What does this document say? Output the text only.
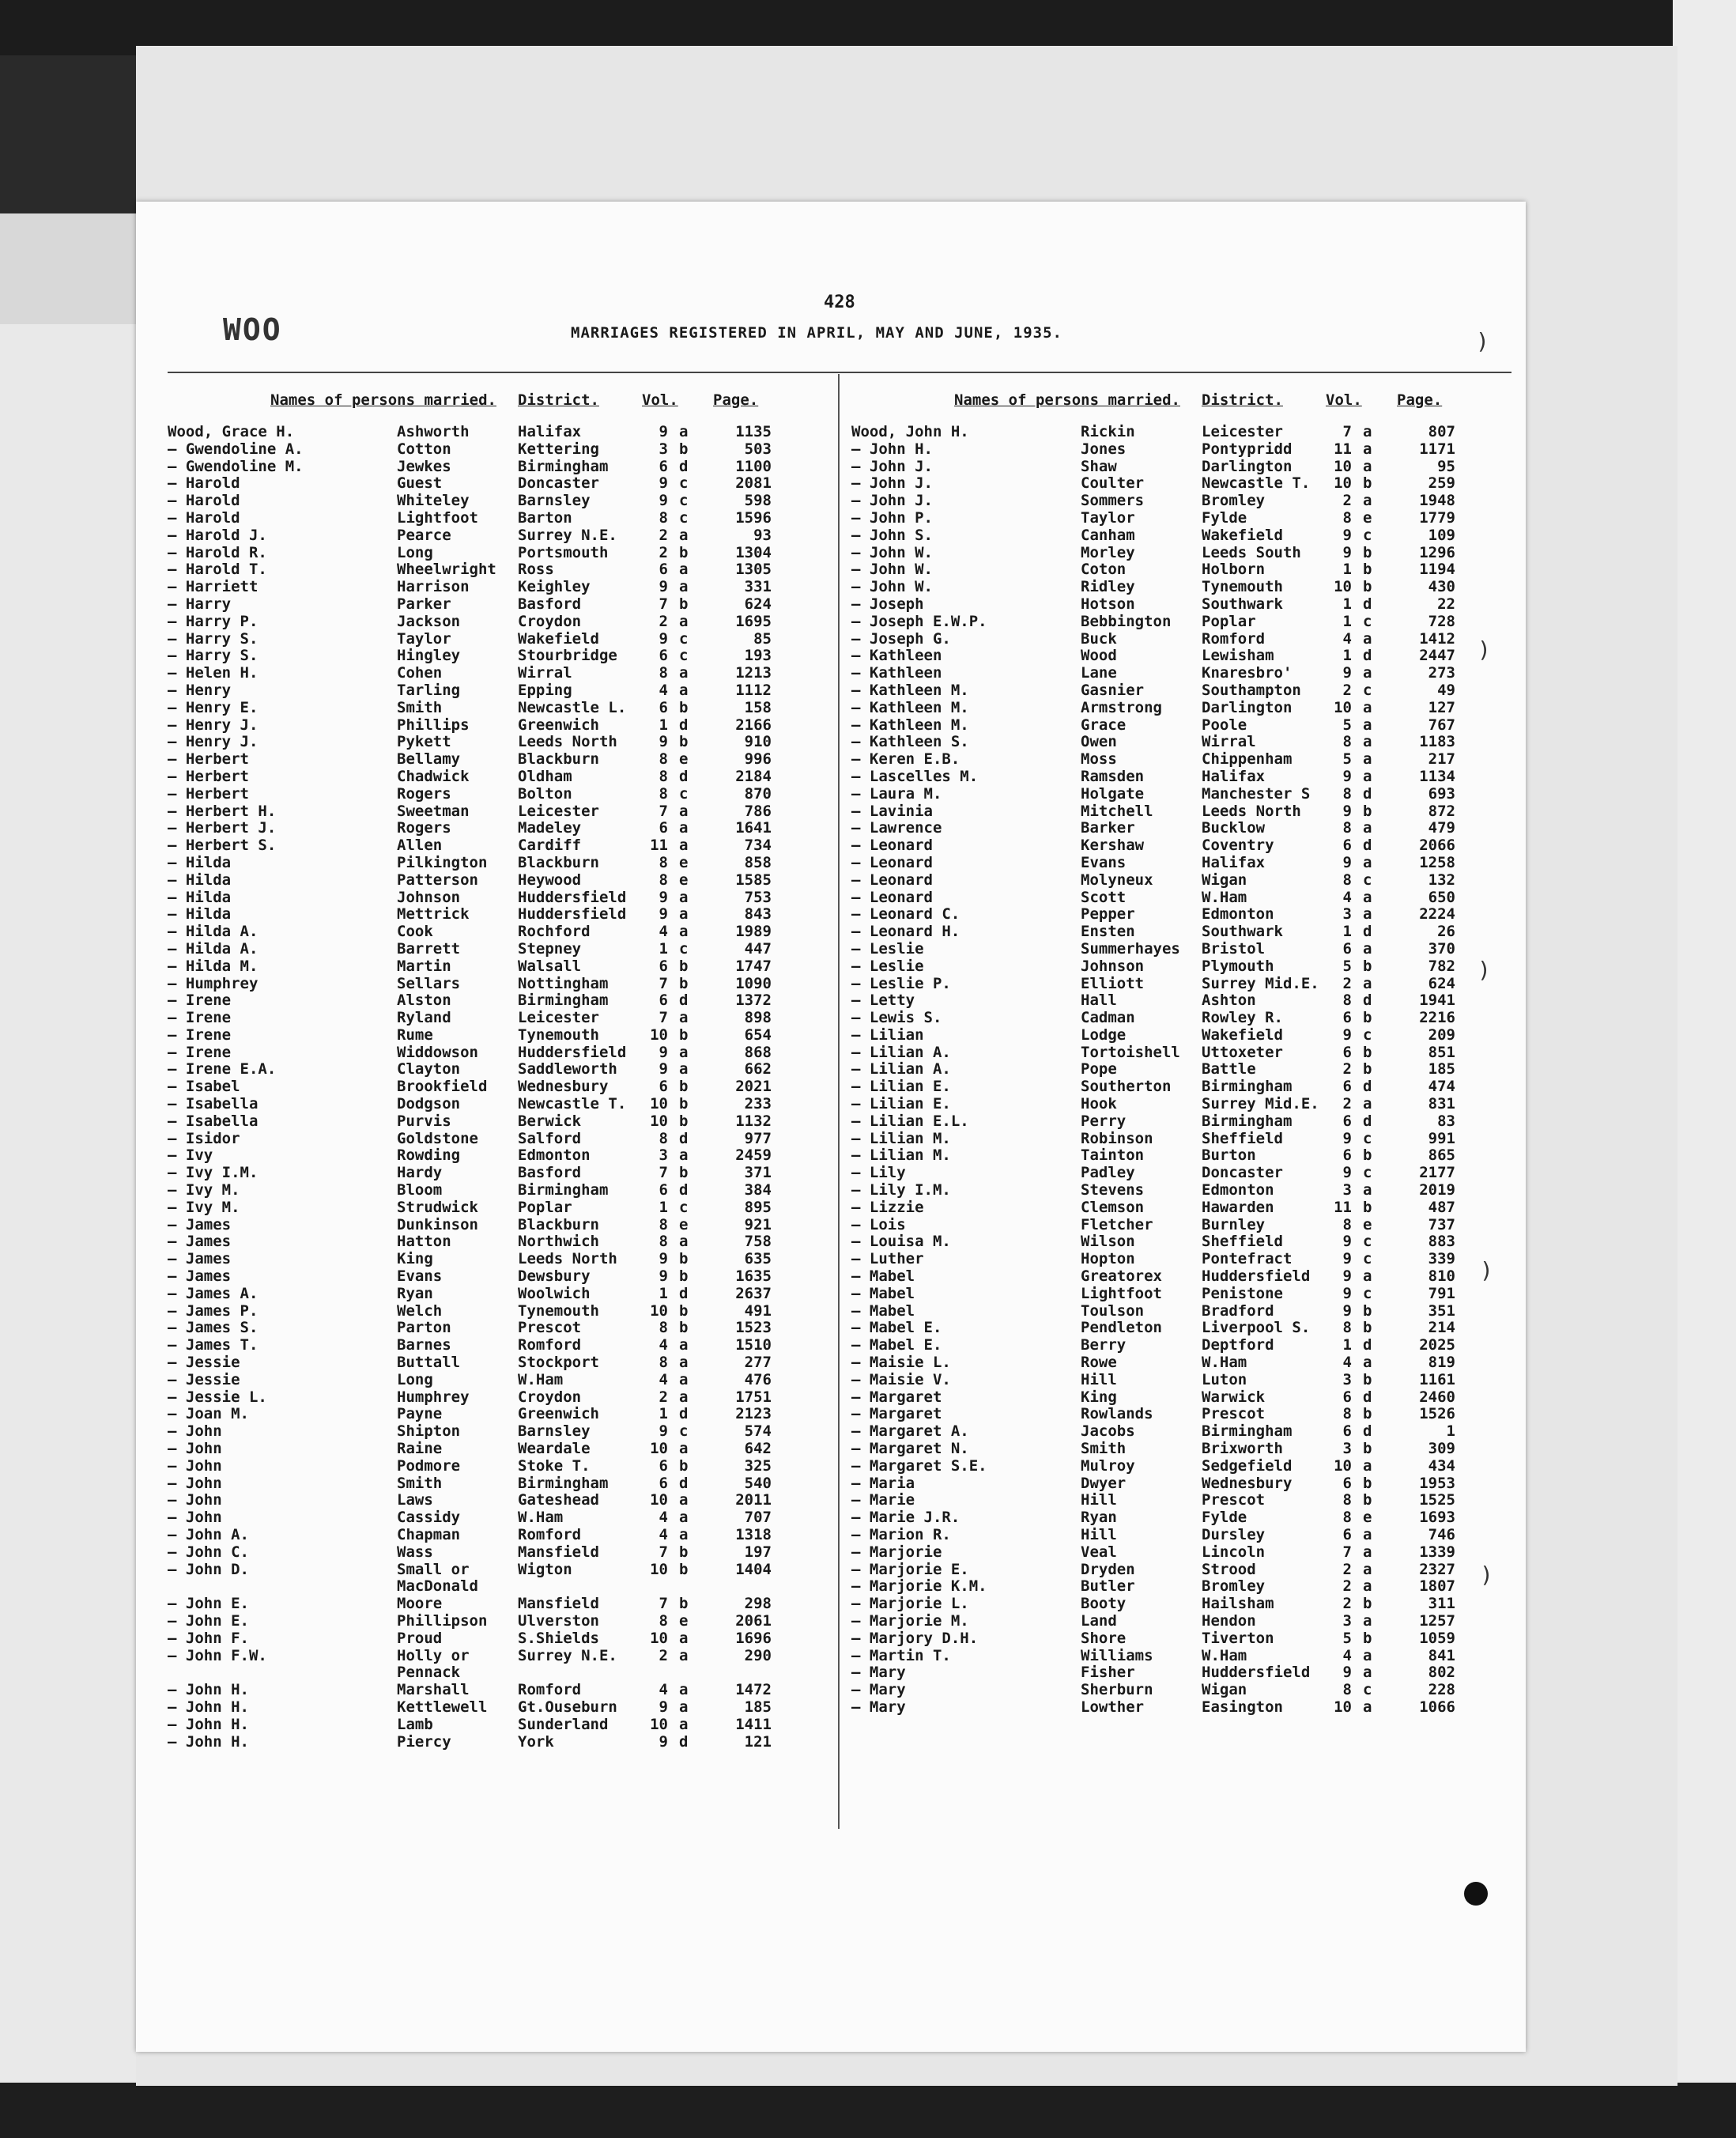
428
WOO	MARRIAGES REGISTERED IN APRIL, MAY AND JUNE, 1935.	)
)
)
)
)
Names of persons married. District.	Vol. Page.
Wood, Grace H.	Ashworth	Halifax	9 a	1135
— Gwendoline A.	Cotton	Kettering	3 b	503
— Gwendoline M.	Jewkes	Birmingham	6 d	1100
— Harold	Guest	Doncaster	9 c	2081
— Harold	Whiteley	Barnsley	9 c	598
— Harold	Lightfoot	Barton	8 c	1596
— Harold J.	Pearce	Surrey N.E.	2 a	93
— Harold R.	Long	Portsmouth	2 b	1304
— Harold T.	Wheelwright Ross	6 a	1305
— Harriett	Harrison	Keighley	9 a	331
— Harry	Parker	Basford	7 b	624
— Harry P.	Jackson	Croydon	2 a	1695
— Harry S.	Taylor	Wakefield	9 c	85
— Harry S.	Hingley	Stourbridge	6 c	193
— Helen H.	Cohen	Wirral	8 a	1213
— Henry	Tarling	Epping	4 a	1112
— Henry E.	Smith	Newcastle L.	6 b	158
— Henry J.	Phillips	Greenwich	1 d	2166
— Henry J.	Pykett	Leeds North	9 b	910
— Herbert	Bellamy	Blackburn	8 e	996
— Herbert	Chadwick	Oldham	8 d	2184
— Herbert	Rogers	Bolton	8 c	870
— Herbert H.	Sweetman	Leicester	7 a	786
— Herbert J.	Rogers	Madeley	6 a	1641
— Herbert S.	Allen	Cardiff	11 a	734
— Hilda	Pilkington Blackburn	8 e	858
— Hilda	Patterson	Heywood	8 e	1585
— Hilda	Johnson	Huddersfield	9 a	753
— Hilda	Mettrick	Huddersfield	9 a	843
— Hilda A.	Cook	Rochford	4 a	1989
— Hilda A.	Barrett	Stepney	1 c	447
— Hilda M.	Martin	Walsall	6 b	1747
— Humphrey	Sellars	Nottingham	7 b	1090
— Irene	Alston	Birmingham	6 d	1372
— Irene	Ryland	Leicester	7 a	898
— Irene	Rume	Tynemouth	10 b	654
— Irene	Widdowson	Huddersfield	9 a	868
— Irene E.A.	Clayton	Saddleworth	9 a	662
— Isabel	Brookfield Wednesbury	6 b	2021
— Isabella	Dodgson	Newcastle T.	10 b	233
— Isabella	Purvis	Berwick	10 b	1132
— Isidor	Goldstone	Salford	8 d	977
— Ivy	Rowding	Edmonton	3 a	2459
— Ivy I.M.	Hardy	Basford	7 b	371
— Ivy M.	Bloom	Birmingham	6 d	384
— Ivy M.	Strudwick	Poplar	1 c	895
— James	Dunkinson	Blackburn	8 e	921
— James	Hatton	Northwich	8 a	758
— James	King	Leeds North	9 b	635
— James	Evans	Dewsbury	9 b	1635
— James A.	Ryan	Woolwich	1 d	2637
— James P.	Welch	Tynemouth	10 b	491
— James S.	Parton	Prescot	8 b	1523
— James T.	Barnes	Romford	4 a	1510
— Jessie	Buttall	Stockport	8 a	277
— Jessie	Long	W.Ham	4 a	476
— Jessie L.	Humphrey	Croydon	2 a	1751
— Joan M.	Payne	Greenwich	1 d	2123
— John	Shipton	Barnsley	9 c	574
— John	Raine	Weardale	10 a	642
— John	Podmore	Stoke T.	6 b	325
— John	Smith	Birmingham	6 d	540
— John	Laws	Gateshead	10 a	2011
— John	Cassidy	W.Ham	4 a	707
— John A.	Chapman	Romford	4 a	1318
— John C.	Wass	Mansfield	7 b	197
— John D.	Small or	Wigton	10 b	1404
MacDonald
— John E.	Moore	Mansfield	7 b	298
— John E.	Phillipson Ulverston	8 e	2061
— John F.	Proud	S.Shields	10 a	1696
— John F.W.	Holly or	Surrey N.E.	2 a	290
Pennack
— John H.	Marshall	Romford	4 a	1472
— John H.	Kettlewell Gt.Ouseburn	9 a	185
— John H.	Lamb	Sunderland	10 a	1411
— John H.	Piercy	York	9 d	121
Names of persons married. District.	Vol. Page.
Wood, John H.	Rickin	Leicester	7 a	807
— John H.	Jones	Pontypridd	11 a	1171
— John J.	Shaw	Darlington	10 a	95
— John J.	Coulter	Newcastle T.	10 b	259
— John J.	Sommers	Bromley	2 a	1948
— John P.	Taylor	Fylde	8 e	1779
— John S.	Canham	Wakefield	9 c	109
— John W.	Morley	Leeds South	9 b	1296
— John W.	Coton	Holborn	1 b	1194
— John W.	Ridley	Tynemouth	10 b	430
— Joseph	Hotson	Southwark	1 d	22
— Joseph E.W.P.	Bebbington Poplar	1 c	728
— Joseph G.	Buck	Romford	4 a	1412
— Kathleen	Wood	Lewisham	1 d	2447
— Kathleen	Lane	Knaresbro'	9 a	273
— Kathleen M.	Gasnier	Southampton	2 c	49
— Kathleen M.	Armstrong	Darlington	10 a	127
— Kathleen M.	Grace	Poole	5 a	767
— Kathleen S.	Owen	Wirral	8 a	1183
— Keren E.B.	Moss	Chippenham	5 a	217
— Lascelles M.	Ramsden	Halifax	9 a	1134
— Laura M.	Holgate	Manchester S	8 d	693
— Lavinia	Mitchell	Leeds North	9 b	872
— Lawrence	Barker	Bucklow	8 a	479
— Leonard	Kershaw	Coventry	6 d	2066
— Leonard	Evans	Halifax	9 a	1258
— Leonard	Molyneux	Wigan	8 c	132
— Leonard	Scott	W.Ham	4 a	650
— Leonard C.	Pepper	Edmonton	3 a	2224
— Leonard H.	Ensten	Southwark	1 d	26
— Leslie	Summerhayes Bristol	6 a	370
— Leslie	Johnson	Plymouth	5 b	782
— Leslie P.	Elliott	Surrey Mid.E.	2 a	624
— Letty	Hall	Ashton	8 d	1941
— Lewis S.	Cadman	Rowley R.	6 b	2216
— Lilian	Lodge	Wakefield	9 c	209
— Lilian A.	Tortoishell Uttoxeter	6 b	851
— Lilian A.	Pope	Battle	2 b	185
— Lilian E.	Southerton Birmingham	6 d	474
— Lilian E.	Hook	Surrey Mid.E.	2 a	831
— Lilian E.L.	Perry	Birmingham	6 d	83
— Lilian M.	Robinson	Sheffield	9 c	991
— Lilian M.	Tainton	Burton	6 b	865
— Lily	Padley	Doncaster	9 c	2177
— Lily I.M.	Stevens	Edmonton	3 a	2019
— Lizzie	Clemson	Hawarden	11 b	487
— Lois	Fletcher	Burnley	8 e	737
— Louisa M.	Wilson	Sheffield	9 c	883
— Luther	Hopton	Pontefract	9 c	339
— Mabel	Greatorex	Huddersfield	9 a	810
— Mabel	Lightfoot	Penistone	9 c	791
— Mabel	Toulson	Bradford	9 b	351
— Mabel E.	Pendleton	Liverpool S.	8 b	214
— Mabel E.	Berry	Deptford	1 d	2025
— Maisie L.	Rowe	W.Ham	4 a	819
— Maisie V.	Hill	Luton	3 b	1161
— Margaret	King	Warwick	6 d	2460
— Margaret	Rowlands	Prescot	8 b	1526
— Margaret A.	Jacobs	Birmingham	6 d	1
— Margaret N.	Smith	Brixworth	3 b	309
— Margaret S.E.	Mulroy	Sedgefield	10 a	434
— Maria	Dwyer	Wednesbury	6 b	1953
— Marie	Hill	Prescot	8 b	1525
— Marie J.R.	Ryan	Fylde	8 e	1693
— Marion R.	Hill	Dursley	6 a	746
— Marjorie	Veal	Lincoln	7 a	1339
— Marjorie E.	Dryden	Strood	2 a	2327
— Marjorie K.M.	Butler	Bromley	2 a	1807
— Marjorie L.	Booty	Hailsham	2 b	311
— Marjorie M.	Land	Hendon	3 a	1257
— Marjory D.H.	Shore	Tiverton	5 b	1059
— Martin T.	Williams	W.Ham	4 a	841
— Mary	Fisher	Huddersfield	9 a	802
— Mary	Sherburn	Wigan	8 c	228
— Mary	Lowther	Easington	10 a	1066
